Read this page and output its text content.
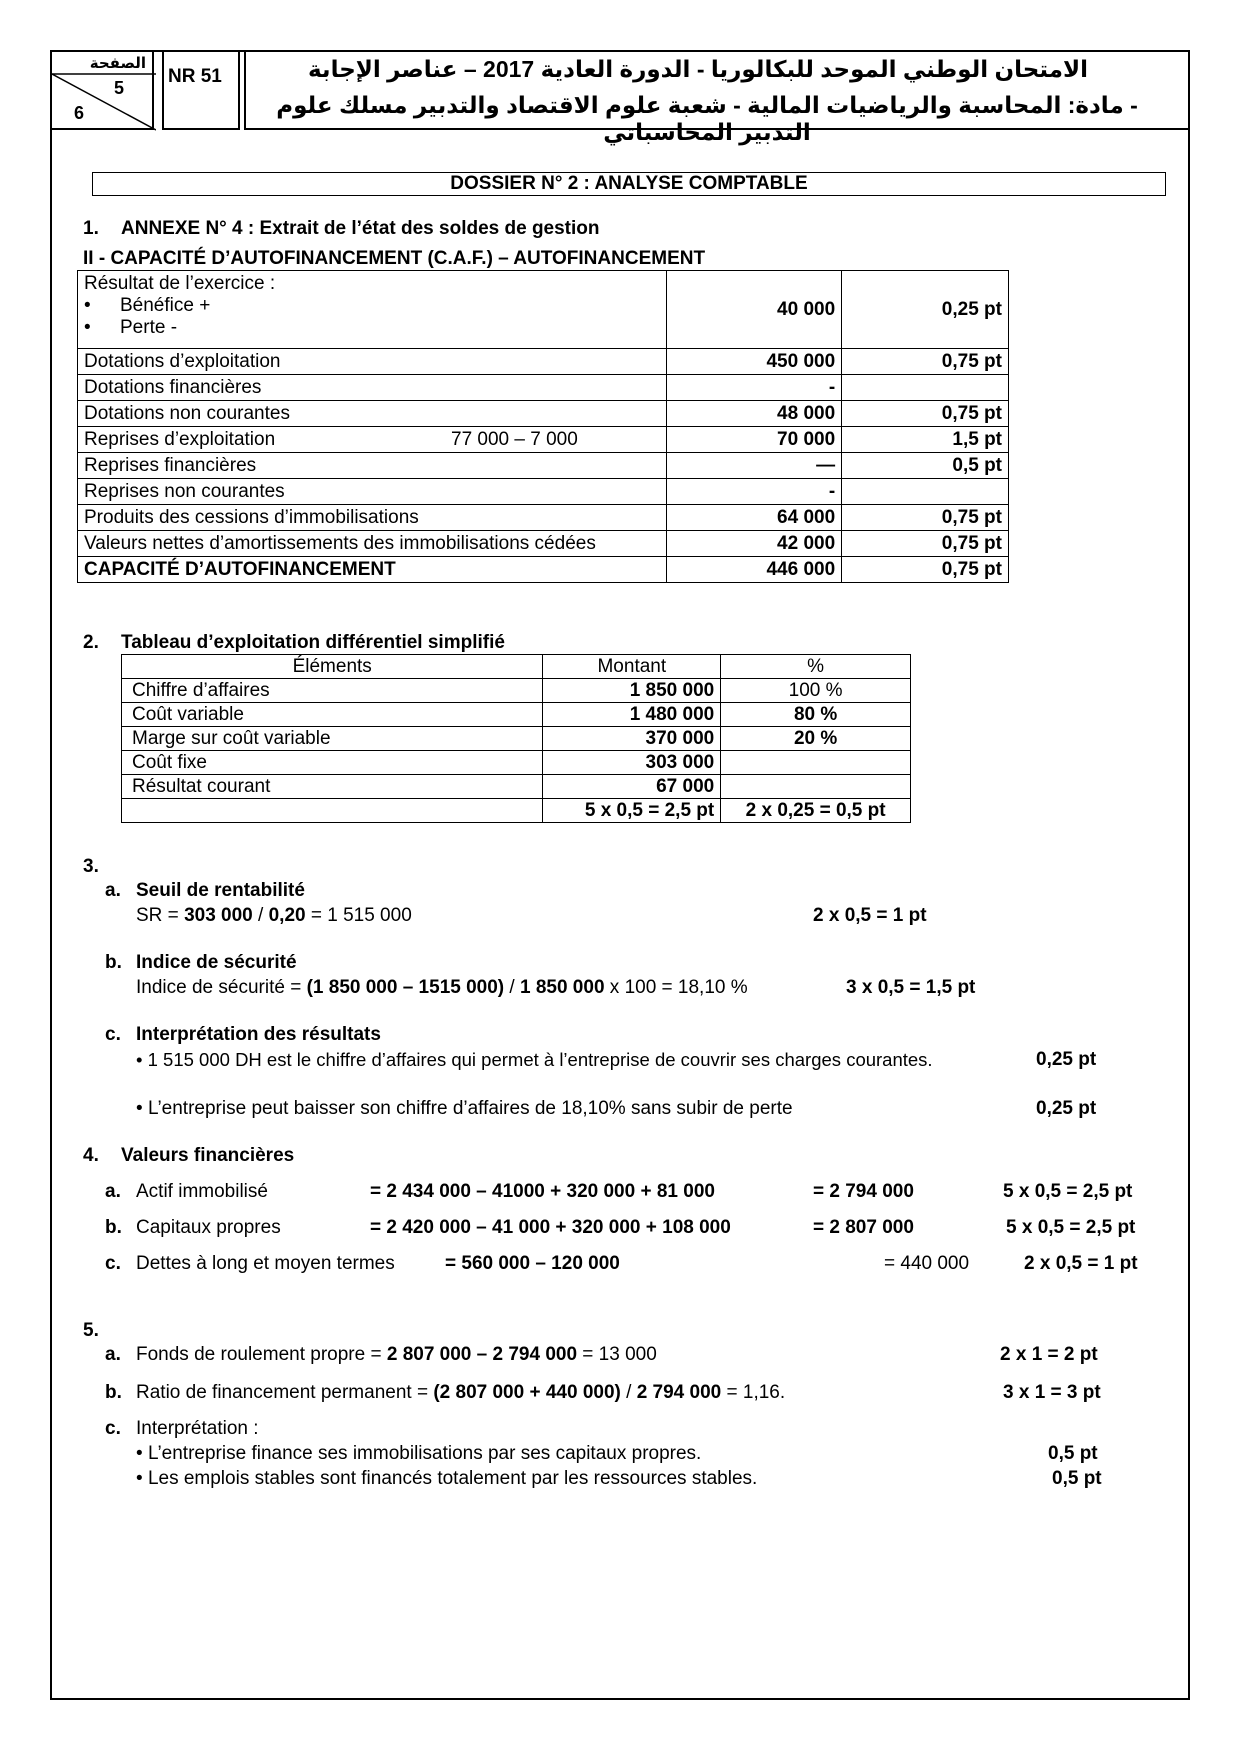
الصفحة
5
6
NR 51	الامتحان الوطني الموحد للبكالوريا - الدورة العادية 2017 – عناصر الإجابة
- مادة: المحاسبة والرياضيات المالية - شعبة علوم الاقتصاد والتدبير مسلك علوم التدبير المحاسباتي
DOSSIER N° 2 : ANALYSE COMPTABLE
1. ANNEXE N° 4 : Extrait de l’état des soldes de gestion
II - CAPACITÉ D’AUTOFINANCEMENT (C.A.F.) – AUTOFINANCEMENT
Résultat de l’exercice :
• Bénéfice +
• Perte -	40 000	0,25 pt
Dotations d’exploitation	450 000	0,75 pt
Dotations financières	-	
Dotations non courantes	48 000	0,75 pt
Reprises d’exploitation 77 000 – 7 000	70 000	1,5 pt
Reprises financières	—	0,5 pt
Reprises non courantes	-	
Produits des cessions d’immobilisations	64 000	0,75 pt
Valeurs nettes d’amortissements des immobilisations cédées	42 000	0,75 pt
CAPACITÉ D’AUTOFINANCEMENT	446 000	0,75 pt
2. Tableau d’exploitation différentiel simplifié
Éléments	Montant	%
Chiffre d’affaires	1 850 000	100 %
Coût variable	1 480 000	80 %
Marge sur coût variable	370 000	20 %
Coût fixe	303 000	
Résultat courant	67 000	
	5 x 0,5 = 2,5 pt	2 x 0,25 = 0,5 pt
3.
a. Seuil de rentabilité
SR = 303 000 / 0,20 = 1 515 000	2 x 0,5 = 1 pt
b. Indice de sécurité
Indice de sécurité = (1 850 000 – 1515 000) / 1 850 000 x 100 = 18,10 %	3 x 0,5 = 1,5 pt
c. Interprétation des résultats
• 1 515 000 DH est le chiffre d’affaires qui permet à l’entreprise de couvrir ses charges courantes.	0,25 pt
• L’entreprise peut baisser son chiffre d’affaires de 18,10% sans subir de perte	0,25 pt
4. Valeurs financières
a. Actif immobilisé	= 2 434 000 – 41000 + 320 000 + 81 000	= 2 794 000	5 x 0,5 = 2,5 pt
b. Capitaux propres	= 2 420 000 – 41 000 + 320 000 + 108 000	= 2 807 000	5 x 0,5 = 2,5 pt
c. Dettes à long et moyen termes	= 560 000 – 120 000	= 440 000	2 x 0,5 = 1 pt
5.
a. Fonds de roulement propre = 2 807 000 – 2 794 000 = 13 000	2 x 1 = 2 pt
b. Ratio de financement permanent = (2 807 000 + 440 000) / 2 794 000 = 1,16.	3 x 1 = 3 pt
c. Interprétation :
• L’entreprise finance ses immobilisations par ses capitaux propres.	0,5 pt
• Les emplois stables sont financés totalement par les ressources stables.	0,5 pt
